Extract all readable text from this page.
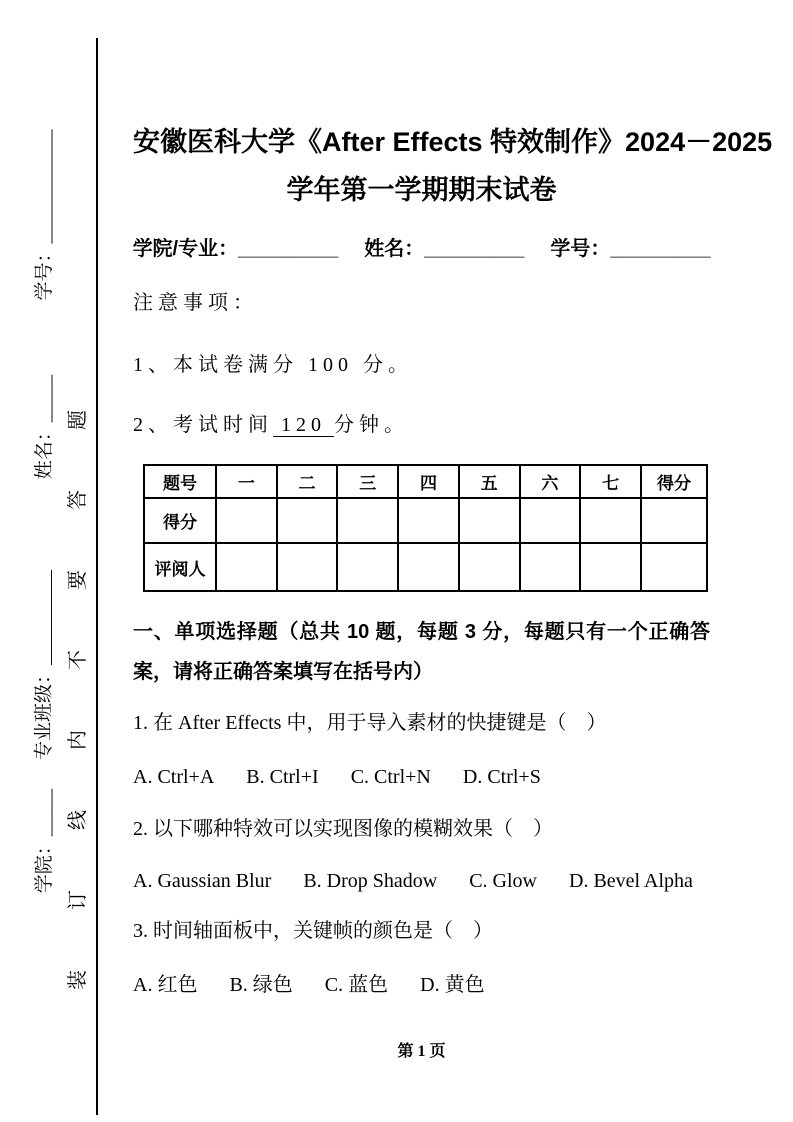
装订线内不要答题
学号：____________
姓名：_____
专业班级：__________
学院：_____
安徽医科大学《After Effects 特效制作》2024－2025
学年第一学期期末试卷
学院/专业：_________ 姓名：_________ 学号：_________
注意事项：
1、本试卷满分 100 分。
2、考试时间 120 分钟。
题号	一	二	三	四	五	六	七	得分
得分								
评阅人								
一、单项选择题（总共 10 题，每题 3 分，每题只有一个正确答案，请将正确答案填写在括号内）
1. 在 After Effects 中，用于导入素材的快捷键是（　）
A. Ctrl+A B. Ctrl+I C. Ctrl+N D. Ctrl+S
2. 以下哪种特效可以实现图像的模糊效果（　）
A. Gaussian Blur B. Drop Shadow C. Glow D. Bevel Alpha
3. 时间轴面板中，关键帧的颜色是（　）
A. 红色 B. 绿色 C. 蓝色 D. 黄色
第 1 页
